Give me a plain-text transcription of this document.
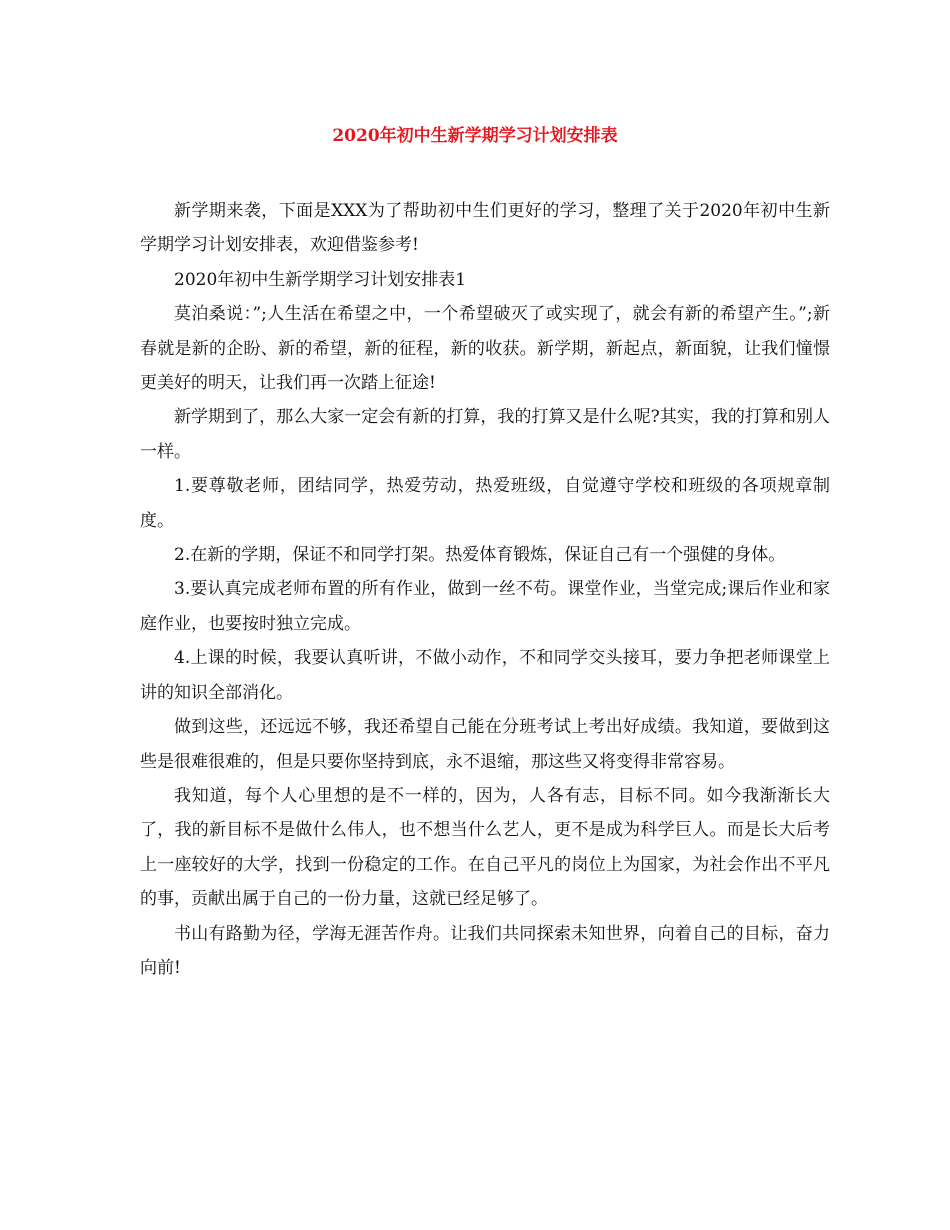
2020年初中生新学期学习计划安排表

新学期来袭，下面是XXX为了帮助初中生们更好的学习，整理了关于2020年初中生新学期学习计划安排表，欢迎借鉴参考!

2020年初中生新学期学习计划安排表1

莫泊桑说：”;人生活在希望之中，一个希望破灭了或实现了，就会有新的希望产生。”;新春就是新的企盼、新的希望，新的征程，新的收获。新学期，新起点，新面貌，让我们憧憬更美好的明天，让我们再一次踏上征途!

新学期到了，那么大家一定会有新的打算，我的打算又是什么呢?其实，我的打算和别人一样。

1.要尊敬老师，团结同学，热爱劳动，热爱班级，自觉遵守学校和班级的各项规章制度。

2.在新的学期，保证不和同学打架。热爱体育锻炼，保证自己有一个强健的身体。

3.要认真完成老师布置的所有作业，做到一丝不苟。课堂作业，当堂完成;课后作业和家庭作业，也要按时独立完成。

4.上课的时候，我要认真听讲，不做小动作，不和同学交头接耳，要力争把老师课堂上讲的知识全部消化。

做到这些，还远远不够，我还希望自己能在分班考试上考出好成绩。我知道，要做到这些是很难很难的，但是只要你坚持到底，永不退缩，那这些又将变得非常容易。

我知道，每个人心里想的是不一样的，因为，人各有志，目标不同。如今我渐渐长大了，我的新目标不是做什么伟人，也不想当什么艺人，更不是成为科学巨人。而是长大后考上一座较好的大学，找到一份稳定的工作。在自己平凡的岗位上为国家，为社会作出不平凡的事，贡献出属于自己的一份力量，这就已经足够了。

书山有路勤为径，学海无涯苦作舟。让我们共同探索未知世界，向着自己的目标，奋力向前!
